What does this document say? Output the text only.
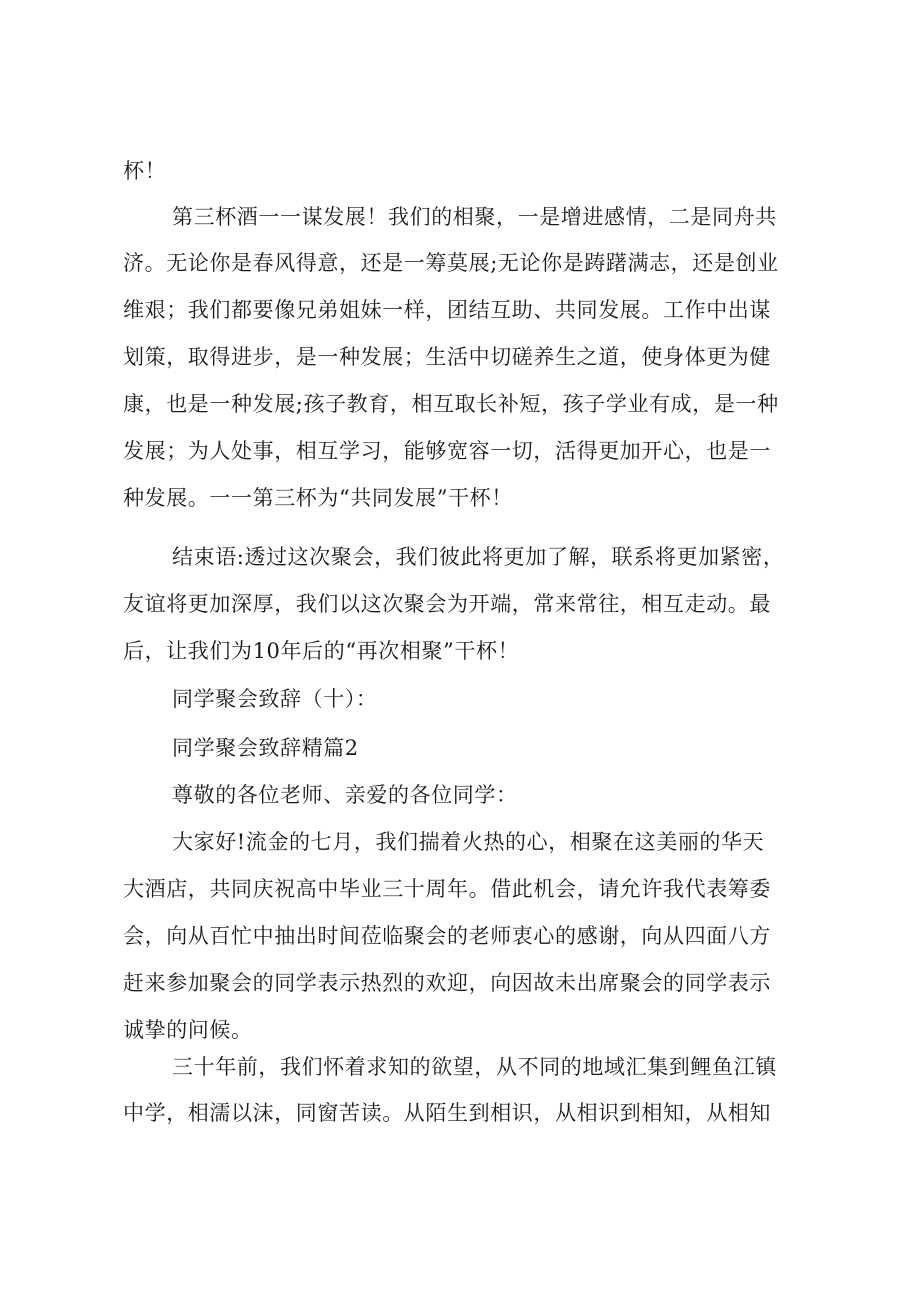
杯！
第三杯酒一一谋发展！我们的相聚，一是增进感情，二是同舟共
济。无论你是春风得意，还是一筹莫展;无论你是踌躇满志，还是创业
维艰；我们都要像兄弟姐妹一样，团结互助、共同发展。工作中出谋
划策，取得进步，是一种发展；生活中切磋养生之道，使身体更为健
康，也是一种发展;孩子教育，相互取长补短，孩子学业有成，是一种
发展；为人处事，相互学习，能够宽容一切，活得更加开心，也是一
种发展。一一第三杯为“共同发展”干杯！
结束语:透过这次聚会，我们彼此将更加了解，联系将更加紧密，
友谊将更加深厚，我们以这次聚会为开端，常来常往，相互走动。最
后，让我们为10年后的“再次相聚”干杯！
同学聚会致辞（十）：
同学聚会致辞精篇2
尊敬的各位老师、亲爱的各位同学：
大家好!流金的七月，我们揣着火热的心，相聚在这美丽的华天
大酒店，共同庆祝高中毕业三十周年。借此机会，请允许我代表筹委
会，向从百忙中抽出时间莅临聚会的老师衷心的感谢，向从四面八方
赶来参加聚会的同学表示热烈的欢迎，向因故未出席聚会的同学表示
诚挚的问候。
三十年前，我们怀着求知的欲望，从不同的地域汇集到鲤鱼江镇
中学，相濡以沫，同窗苦读。从陌生到相识，从相识到相知，从相知
